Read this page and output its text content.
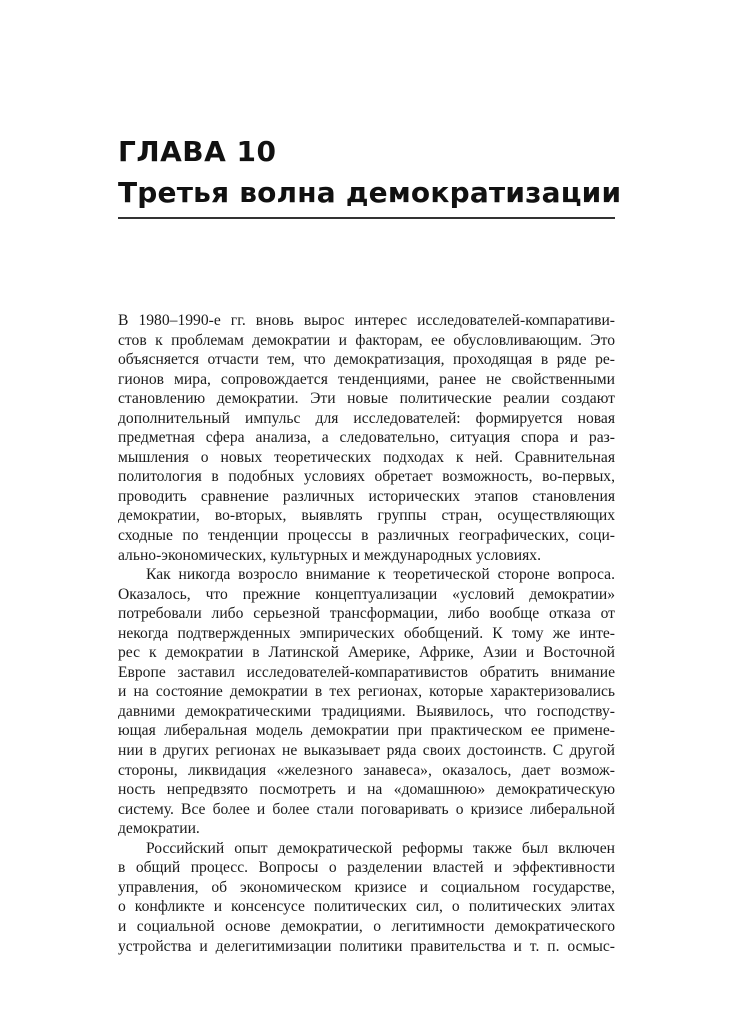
ГЛАВА 10
Третья волна демократизации
В 1980–1990-е гг. вновь вырос интерес исследователей-компаративи-
стов к проблемам демократии и факторам, ее обусловливающим. Это
объясняется отчасти тем, что демократизация, проходящая в ряде ре-
гионов мира, сопровождается тенденциями, ранее не свойственными
становлению демократии. Эти новые политические реалии создают
дополнительный импульс для исследователей: формируется новая
предметная сфера анализа, а следовательно, ситуация спора и раз-
мышления о новых теоретических подходах к ней. Сравнительная
политология в подобных условиях обретает возможность, во-первых,
проводить сравнение различных исторических этапов становления
демократии, во-вторых, выявлять группы стран, осуществляющих
сходные по тенденции процессы в различных географических, соци-
ально-экономических, культурных и международных условиях.
Как никогда возросло внимание к теоретической стороне вопроса.
Оказалось, что прежние концептуализации «условий демократии»
потребовали либо серьезной трансформации, либо вообще отказа от
некогда подтвержденных эмпирических обобщений. К тому же интe-
рес к демократии в Латинской Америке, Африке, Азии и Восточной
Европе заставил исследователей-компаративистов обратить внимание
и на состояние демократии в тех регионах, которые характеризовались
давними демократическими традициями. Выявилось, что господству-
ющая либеральная модель демократии при практическом ее примене-
нии в других регионах не выказывает ряда своих достоинств. С другой
стороны, ликвидация «железного занавеса», оказалось, дает возмож-
ность непредвзято посмотреть и на «домашнюю» демократическую
систему. Все более и более стали поговаривать о кризисе либеральной
демократии.
Российский опыт демократической реформы также был включен
в общий процесс. Вопросы о разделении властей и эффективности
управления, об экономическом кризисе и социальном государстве,
о конфликте и консенсусе политических сил, о политических элитах
и социальной основе демократии, о легитимности демократического
устройства и делегитимизации политики правительства и т. п. осмыс-
